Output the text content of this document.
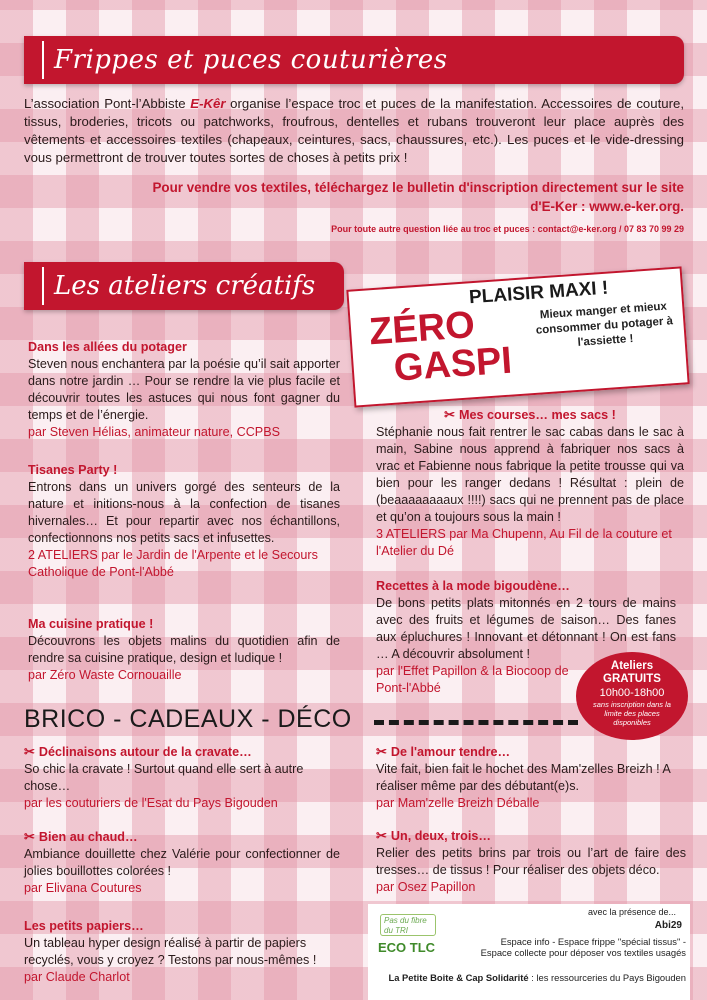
Frippes et puces couturières
L’association Pont-l’Abbiste E-Kêr organise l’espace troc et puces de la manifestation. Accessoires de couture, tissus, broderies, tricots ou patchworks, froufrous, dentelles et rubans trouveront leur place auprès des vêtements et accessoires textiles (chapeaux, ceintures, sacs, chaussures, etc.). Les puces et le vide-dressing vous permettront de trouver toutes sortes de choses à petits prix !
Pour vendre vos textiles, téléchargez le bulletin d'inscription directement sur le site
d'E-Ker : www.e-ker.org.
Pour toute autre question liée au troc et puces : contact@e-ker.org / 07 83 70 99 29
Les ateliers créatifs	PLAISIR MAXI !
ZÉRO
GASPI
Mieux manger et mieux consommer du potager à l'assiette !
Dans les allées du potager
Steven nous enchantera par la poésie qu’il sait apporter dans notre jardin … Pour se rendre la vie plus facile et découvrir toutes les astuces qui nous font gagner du temps et de l’énergie.
par Steven Hélias, animateur nature, CCPBS
Tisanes Party !
Entrons dans un univers gorgé des senteurs de la nature et initions-nous à la confection de tisanes hivernales… Et pour repartir avec nos échantillons, confectionnons nos petits sacs et infusettes.
2 ATELIERS par le Jardin de l'Arpente et le Secours Catholique de Pont-l'Abbé
Ma cuisine pratique !
Découvrons les objets malins du quotidien afin de rendre sa cuisine pratique, design et ludique !
par Zéro Waste Cornouaille
✂ Mes courses… mes sacs !
Stéphanie nous fait rentrer le sac cabas dans le sac à main, Sabine nous apprend à fabriquer nos sacs à vrac et Fabienne nous fabrique la petite trousse qui va bien pour les ranger dedans ! Résultat : plein de (beaaaaaaaaux !!!!) sacs qui ne prennent pas de place et qu’on a toujours sous la main !
3 ATELIERS par Ma Chupenn, Au Fil de la couture et l'Atelier du Dé
Recettes à la mode bigoudène…
De bons petits plats mitonnés en 2 tours de mains avec des fruits et légumes de saison… Des fanes aux épluchures ! Innovant et détonnant ! On est fans … A découvrir absolument !
par l'Effet Papillon & la Biocoop de Pont-l'Abbé
Ateliers
GRATUITS
10h00-18h00
sans inscription dans la limite des places disponibles
BRICO - CADEAUX - DÉCO
✂ Déclinaisons autour de la cravate…
So chic la cravate ! Surtout quand elle sert à autre chose…
par les couturiers de l'Esat du Pays Bigouden
✂ Bien au chaud…
Ambiance douillette chez Valérie pour confectionner de jolies bouillottes colorées !
par Elivana Coutures
Les petits papiers…
Un tableau hyper design réalisé à partir de papiers recyclés, vous y croyez ? Testons par nous-mêmes !
par Claude Charlot
✂ De l'amour tendre…
Vite fait, bien fait le hochet des Mam'zelles Breizh ! A réaliser même par des débutant(e)s.
par Mam'zelle Breizh Déballe
✂ Un, deux, trois…
Relier des petits brins par trois ou l’art de faire des tresses… de tissus ! Pour réaliser des objets déco.
par Osez Papillon
avec la présence de...
Abi29
Pas du fibre du TRI
ECO TLC	Espace info - Espace frippe "spécial tissus" -
Espace collecte pour déposer vos textiles usagés
La Petite Boite & Cap Solidarité : les ressourceries du Pays Bigouden
